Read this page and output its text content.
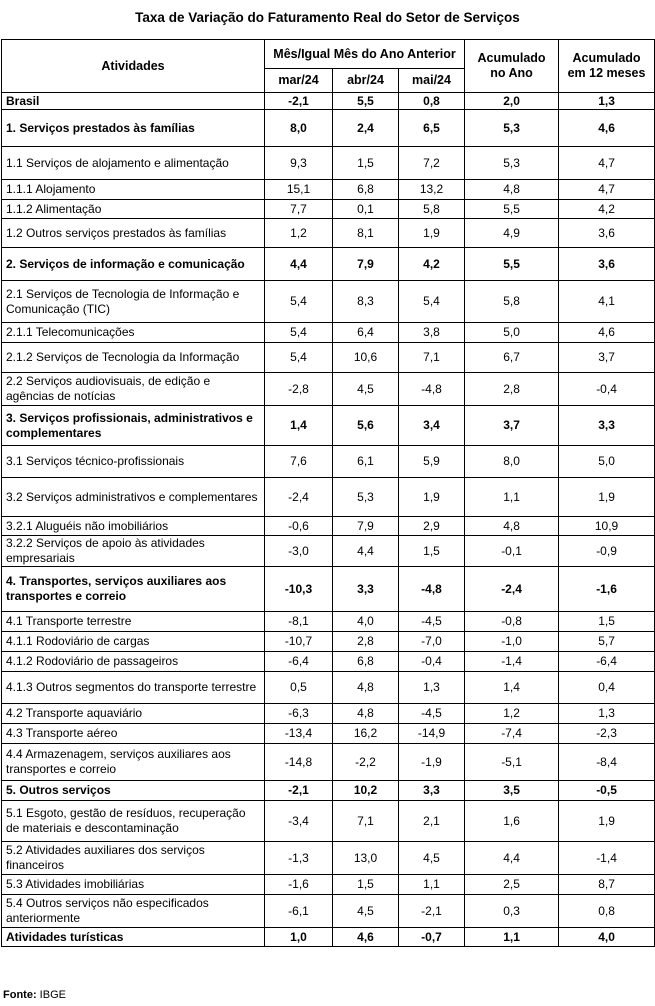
Taxa de Variação do Faturamento Real do Setor de Serviços
Atividades	Mês/Igual Mês do Ano Anterior			Acumulado no Ano	Acumulado em 12 meses
	mar/24	abr/24	mai/24		
Brasil	-2,1	5,5	0,8	2,0	1,3
1. Serviços prestados às famílias	8,0	2,4	6,5	5,3	4,6
1.1 Serviços de alojamento e alimentação	9,3	1,5	7,2	5,3	4,7
1.1.1 Alojamento	15,1	6,8	13,2	4,8	4,7
1.1.2 Alimentação	7,7	0,1	5,8	5,5	4,2
1.2 Outros serviços prestados às famílias	1,2	8,1	1,9	4,9	3,6
2. Serviços de informação e comunicação	4,4	7,9	4,2	5,5	3,6
2.1 Serviços de Tecnologia de Informação e Comunicação (TIC)	5,4	8,3	5,4	5,8	4,1
2.1.1 Telecomunicações	5,4	6,4	3,8	5,0	4,6
2.1.2 Serviços de Tecnologia da Informação	5,4	10,6	7,1	6,7	3,7
2.2 Serviços audiovisuais, de edição e agências de notícias	-2,8	4,5	-4,8	2,8	-0,4
3. Serviços profissionais, administrativos e complementares	1,4	5,6	3,4	3,7	3,3
3.1 Serviços técnico-profissionais	7,6	6,1	5,9	8,0	5,0
3.2 Serviços administrativos e complementares	-2,4	5,3	1,9	1,1	1,9
3.2.1 Aluguéis não imobiliários	-0,6	7,9	2,9	4,8	10,9
3.2.2 Serviços de apoio às atividades empresariais	-3,0	4,4	1,5	-0,1	-0,9
4. Transportes, serviços auxiliares aos transportes e correio	-10,3	3,3	-4,8	-2,4	-1,6
4.1 Transporte terrestre	-8,1	4,0	-4,5	-0,8	1,5
4.1.1 Rodoviário de cargas	-10,7	2,8	-7,0	-1,0	5,7
4.1.2 Rodoviário de passageiros	-6,4	6,8	-0,4	-1,4	-6,4
4.1.3 Outros segmentos do transporte terrestre	0,5	4,8	1,3	1,4	0,4
4.2 Transporte aquaviário	-6,3	4,8	-4,5	1,2	1,3
4.3 Transporte aéreo	-13,4	16,2	-14,9	-7,4	-2,3
4.4 Armazenagem, serviços auxiliares aos transportes e correio	-14,8	-2,2	-1,9	-5,1	-8,4
5. Outros serviços	-2,1	10,2	3,3	3,5	-0,5
5.1 Esgoto, gestão de resíduos, recuperação de materiais e descontaminação	-3,4	7,1	2,1	1,6	1,9
5.2 Atividades auxiliares dos serviços financeiros	-1,3	13,0	4,5	4,4	-1,4
5.3 Atividades imobiliárias	-1,6	1,5	1,1	2,5	8,7
5.4 Outros serviços não especificados anteriormente	-6,1	4,5	-2,1	0,3	0,8
Atividades turísticas	1,0	4,6	-0,7	1,1	4,0
Fonte: IBGE
